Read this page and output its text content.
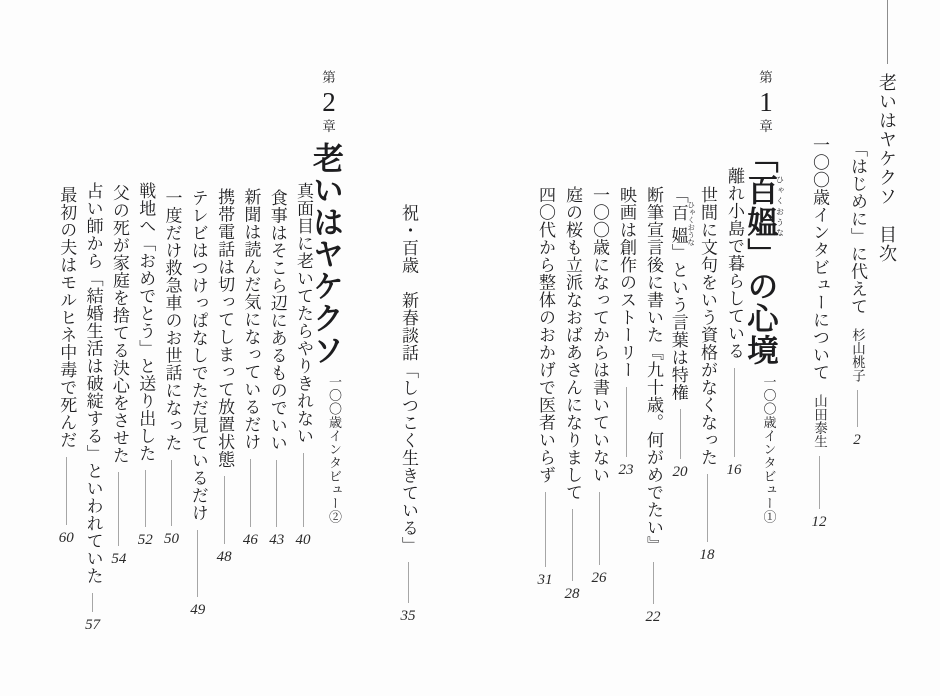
老いはヤケクソ　目次
「はじめに」に代えて
杉山桃子
2
一〇〇歳インタビューについて
山田泰生
12
第
1
章
「百媼ひゃくおうな」の心境一〇〇歳インタビュー①
離れ小島で暮らしている
16
世間に文句をいう資格がなくなった
18
「百媼 ひゃくおうな」という言葉は特権
20
断筆宣言後に書いた『九十歳。何がめでたい』
22
映画は創作のストーリー
23
一〇〇歳になってからは書いていない
26
庭の桜も立派なおばあさんになりまして
28
四〇代から整体のおかげで医者いらず
31
第
2
章
老いはヤケクソ一〇〇歳インタビュー②
真面目に老いてたらやりきれない
40
食事はそこら辺にあるものでいい
43
新聞は読んだ気になっているだけ
46
携帯電話は切ってしまって放置状態
48
テレビはつけっぱなしでただ見ているだけ
49
一度だけ救急車のお世話になった
50
戦地へ「おめでとう」と送り出した
52
父の死が家庭を捨てる決心をさせた
54
占い師から「結婚生活は破綻する」といわれていた
57
最初の夫はモルヒネ中毒で死んだ
60	祝・百歳　新春談話「しつこく生きている」
35
